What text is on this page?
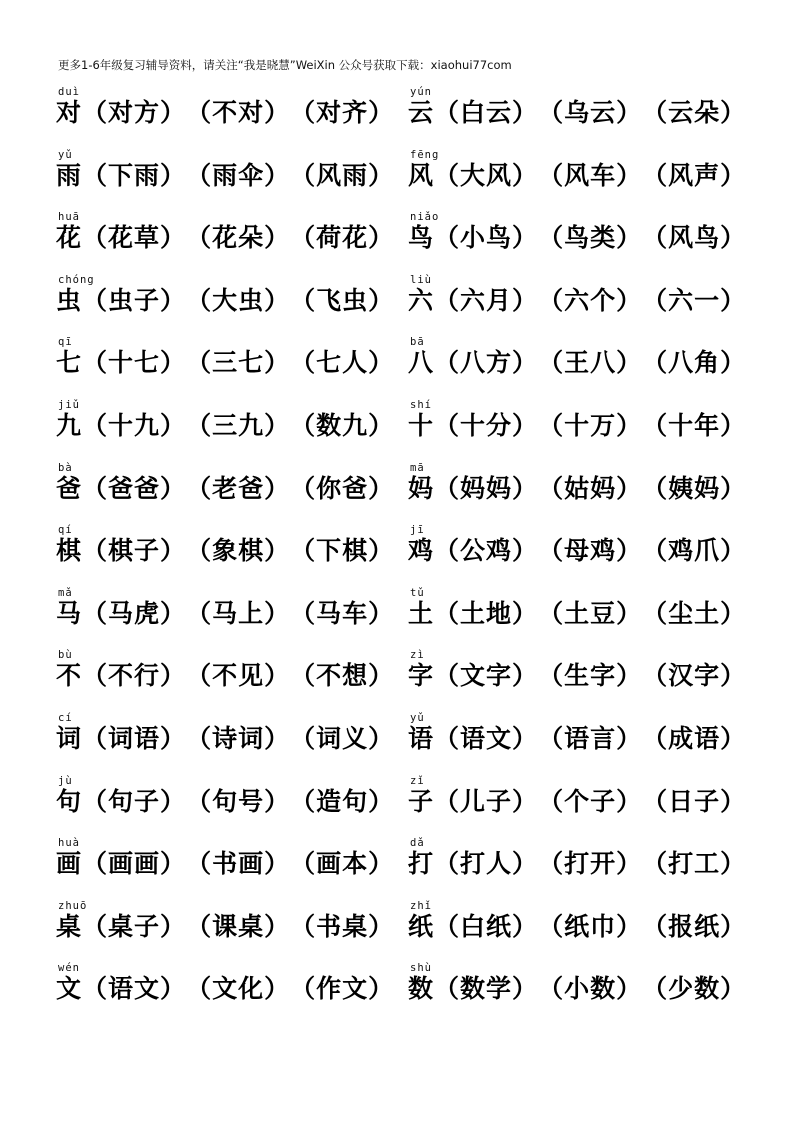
更多1-6年级复习辅导资料，请关注“我是晓慧”WeiXin 公众号获取下载：xiaohui77com
duì
对 （ 对方 ） （ 不对 ） （ 对齐 ）
yún
云 （ 白云 ） （ 乌云 ） （ 云朵 ）
yǔ
雨 （ 下雨 ） （ 雨伞 ） （ 风雨 ）
fēng
风 （ 大风 ） （ 风车 ） （ 风声 ）
huā
花 （ 花草 ） （ 花朵 ） （ 荷花 ）
niǎo
鸟 （ 小鸟 ） （ 鸟类 ） （ 风鸟 ）
chóng
虫 （ 虫子 ） （ 大虫 ） （ 飞虫 ）
liù
六 （ 六月 ） （ 六个 ） （ 六一 ）
qī
七 （ 十七 ） （ 三七 ） （ 七人 ）
bā
八 （ 八方 ） （ 王八 ） （ 八角 ）
jiǔ
九 （ 十九 ） （ 三九 ） （ 数九 ）
shí
十 （ 十分 ） （ 十万 ） （ 十年 ）
bà
爸 （ 爸爸 ） （ 老爸 ） （ 你爸 ）
mā
妈 （ 妈妈 ） （ 姑妈 ） （ 姨妈 ）
qí
棋 （ 棋子 ） （ 象棋 ） （ 下棋 ）
jī
鸡 （ 公鸡 ） （ 母鸡 ） （ 鸡爪 ）
mǎ
马 （ 马虎 ） （ 马上 ） （ 马车 ）
tǔ
土 （ 土地 ） （ 土豆 ） （ 尘土 ）
bù
不 （ 不行 ） （ 不见 ） （ 不想 ）
zì
字 （ 文字 ） （ 生字 ） （ 汉字 ）
cí
词 （ 词语 ） （ 诗词 ） （ 词义 ）
yǔ
语 （ 语文 ） （ 语言 ） （ 成语 ）
jù
句 （ 句子 ） （ 句号 ） （ 造句 ）
zǐ
子 （ 儿子 ） （ 个子 ） （ 日子 ）
huà
画 （ 画画 ） （ 书画 ） （ 画本 ）
dǎ
打 （ 打人 ） （ 打开 ） （ 打工 ）
zhuō
桌 （ 桌子 ） （ 课桌 ） （ 书桌 ）
zhǐ
纸 （ 白纸 ） （ 纸巾 ） （ 报纸 ）
wén
文 （ 语文 ） （ 文化 ） （ 作文 ）
shù
数 （ 数学 ） （ 小数 ） （ 少数 ）
